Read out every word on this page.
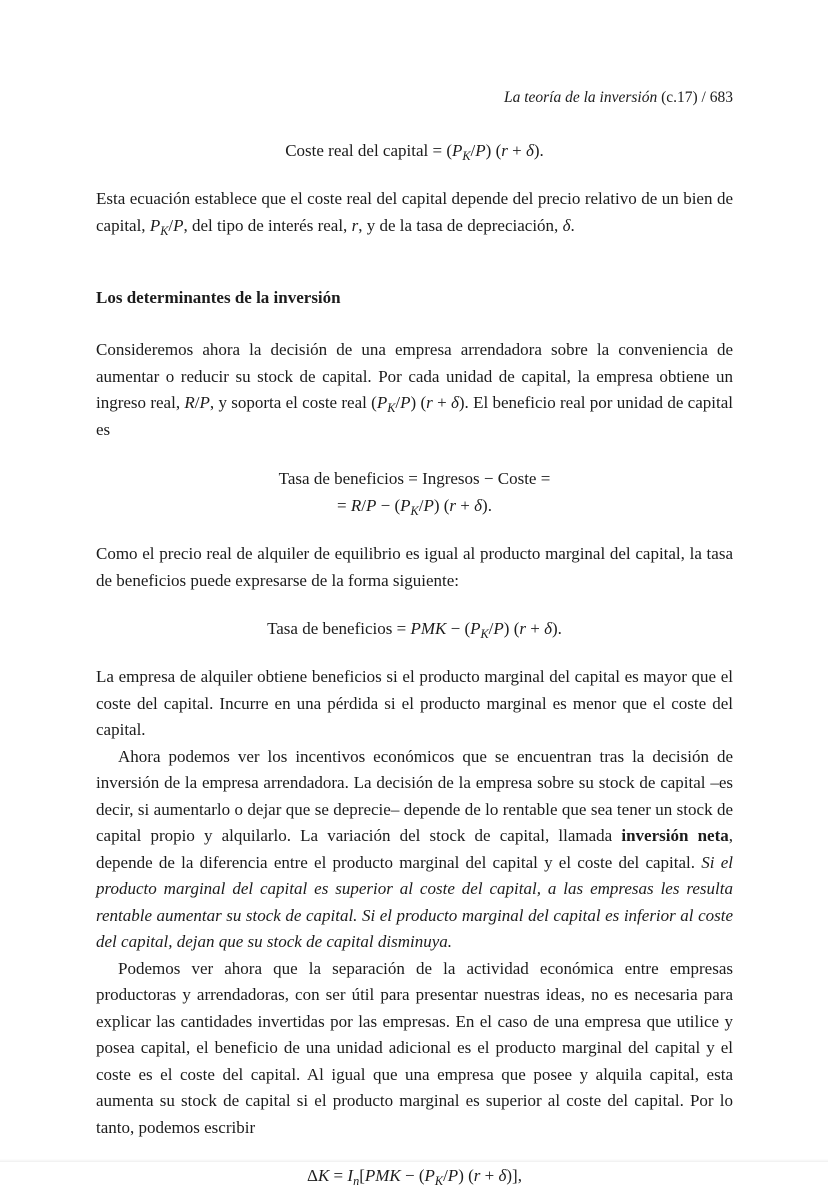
La teoría de la inversión (c.17) / 683
Coste real del capital = $(P_K/P) (r + \delta)$.

Esta ecuación establece que el coste real del capital depende del precio relativo de un bien de capital, $P_K/P$, del tipo de interés real, r, y de la tasa de depreciación, δ.

Los determinantes de la inversión

Consideremos ahora la decisión de una empresa arrendadora sobre la conveniencia de aumentar o reducir su stock de capital. Por cada unidad de capital, la empresa obtiene un ingreso real, R/P, y soporta el coste real $(P_K/P) (r + \delta)$. El beneficio real por unidad de capital es

Tasa de beneficios = Ingresos − Coste =
= $R/P - (P_K/P) (r + \delta)$.

Como el precio real de alquiler de equilibrio es igual al producto marginal del capital, la tasa de beneficios puede expresarse de la forma siguiente:

Tasa de beneficios = PMK − $(P_K/P) (r + \delta)$.

La empresa de alquiler obtiene beneficios si el producto marginal del capital es mayor que el coste del capital. Incurre en una pérdida si el producto marginal es menor que el coste del capital.

Ahora podemos ver los incentivos económicos que se encuentran tras la decisión de inversión de la empresa arrendadora. La decisión de la empresa sobre su stock de capital –es decir, si aumentarlo o dejar que se deprecie– depende de lo rentable que sea tener un stock de capital propio y alquilarlo. La variación del stock de capital, llamada inversión neta, depende de la diferencia entre el producto marginal del capital y el coste del capital. Si el producto marginal del capital es superior al coste del capital, a las empresas les resulta rentable aumentar su stock de capital. Si el producto marginal del capital es inferior al coste del capital, dejan que su stock de capital disminuya.

Podemos ver ahora que la separación de la actividad económica entre empresas productoras y arrendadoras, con ser útil para presentar nuestras ideas, no es necesaria para explicar las cantidades invertidas por las empresas. En el caso de una empresa que utilice y posea capital, el beneficio de una unidad adicional es el producto marginal del capital y el coste es el coste del capital. Al igual que una empresa que posee y alquila capital, esta aumenta su stock de capital si el producto marginal es superior al coste del capital. Por lo tanto, podemos escribir

$\Delta K = I_n[PMK - (P_K/P) (r + \delta)]$,
